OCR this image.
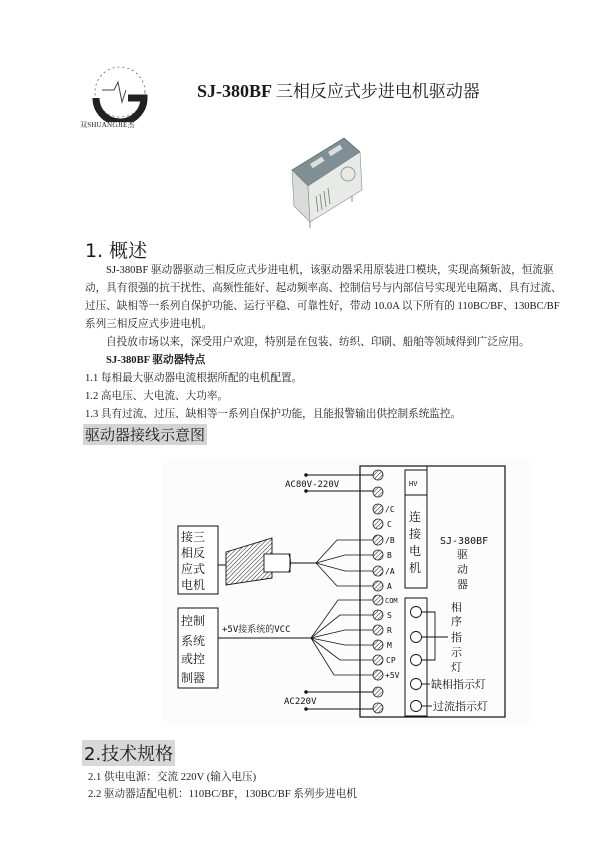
双SHUANGJIE杰
SJ-380BF 三相反应式步进电机驱动器
1. 概述

SJ-380BF 驱动器驱动三相反应式步进电机，该驱动器采用原装进口模块，实现高频斩波，恒流驱动，具有很强的抗干扰性、高频性能好、起动频率高、控制信号与内部信号实现光电隔离、具有过流、过压、缺相等一系列自保护功能、运行平稳、可靠性好，带动 10.0A 以下所有的 110BC/BF、130BC/BF 系列三相反应式步进电机。

自投放市场以来，深受用户欢迎，特别是在包装、纺织、印刷、船舶等领域得到广泛应用。

SJ-380BF 驱动器特点

1.1 每相最大驱动器电流根据所配的电机配置。

1.2 高电压、大电流、大功率。

1.3 具有过流、过压、缺相等一系列自保护功能，且能报警输出供控制系统监控。

驱动器接线示意图
/C
C
/B
B
/A
A
COM
S
R
M
CP
+5V
HV
连
接
电
机
SJ-380BF
驱
动
器
相
序
指
示
灯
缺相指示灯
过流指示灯
AC80V-220V
接三
相反
应式
电机
控制
系统
或控
制器
+5V接系统的VCC
AC220V
2.技术规格
2.1 供电电源：交流 220V (输入电压)
2.2 驱动器适配电机：110BC/BF，130BC/BF 系列步进电机
